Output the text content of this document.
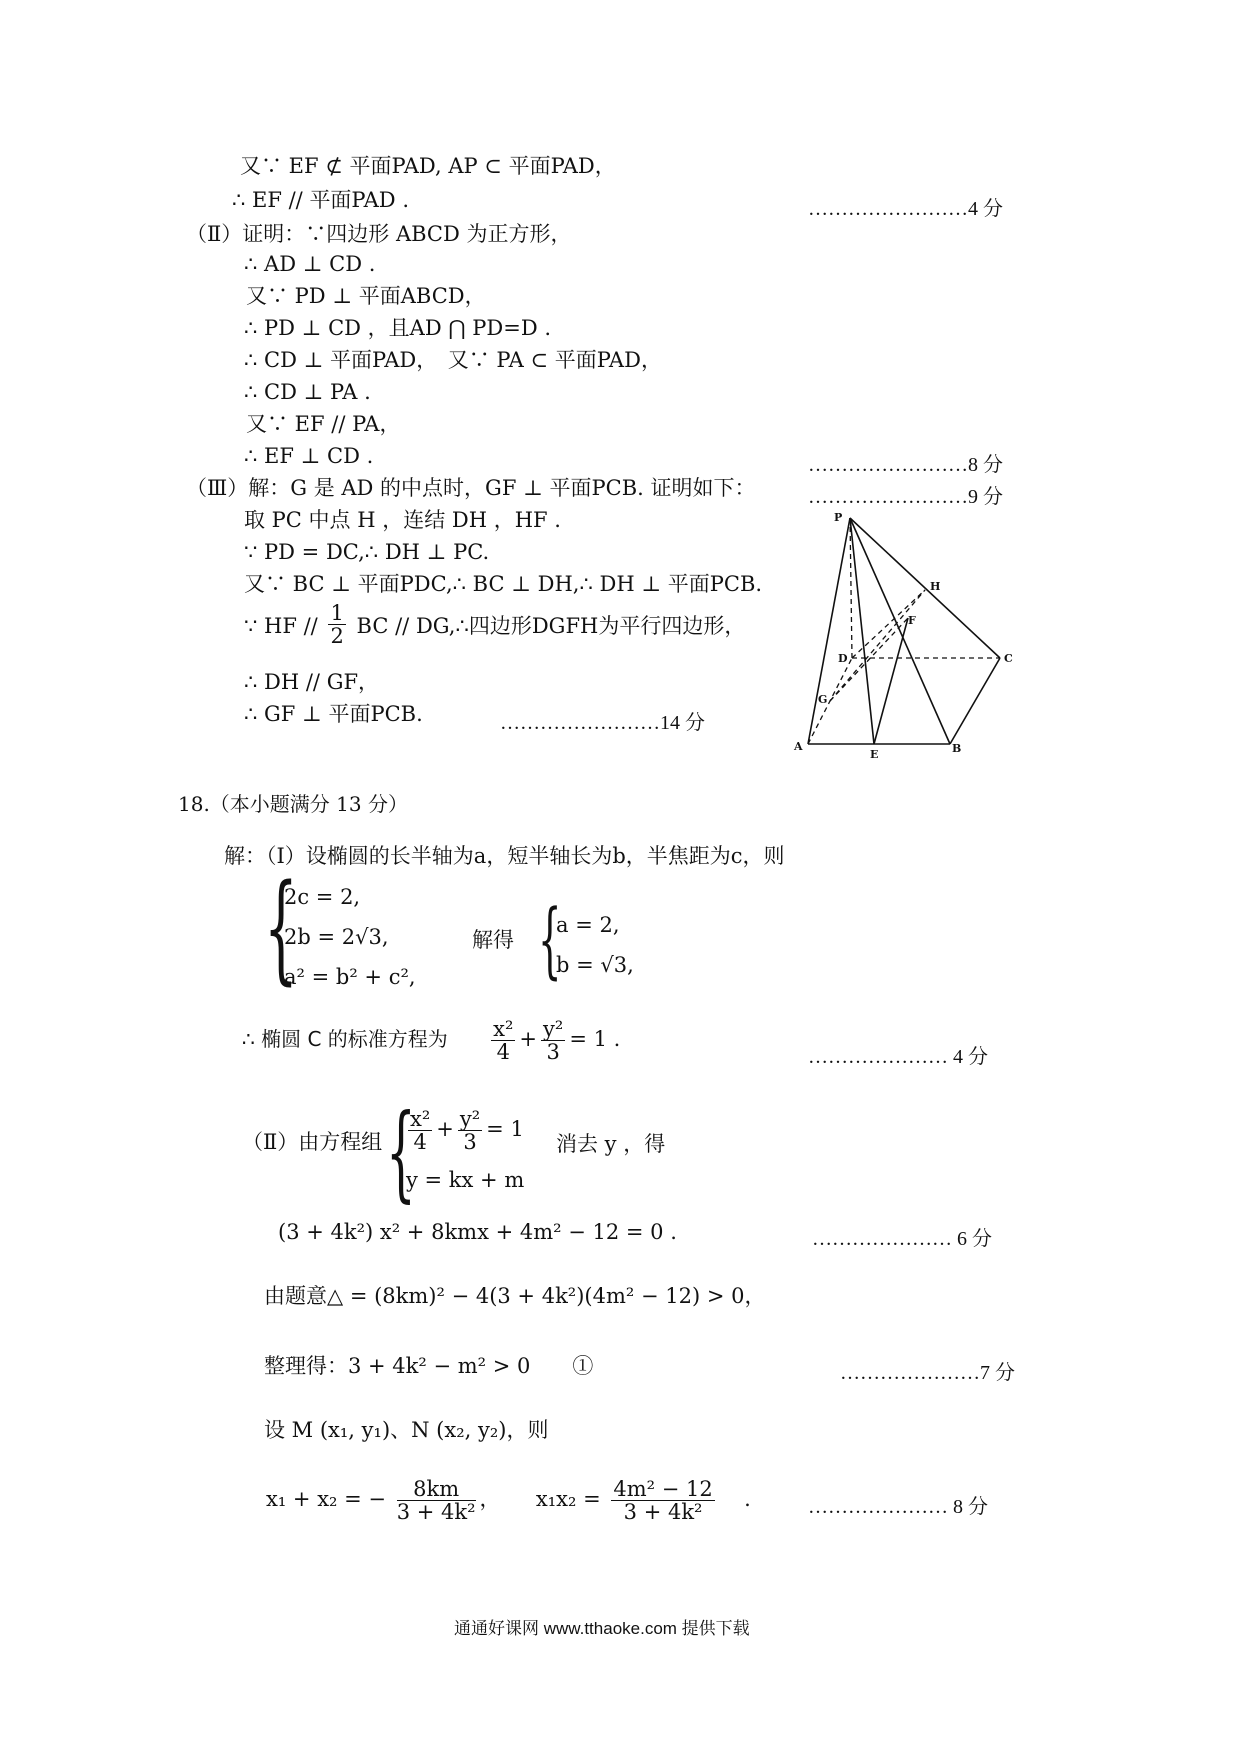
又∵ EF ⊄ 平面PAD, AP ⊂ 平面PAD，
∴ EF // 平面PAD .	……………………4 分
（Ⅱ）证明：∵四边形 ABCD 为正方形，
∴ AD ⊥ CD .
又∵ PD ⊥ 平面ABCD，
∴ PD ⊥ CD ，且AD ⋂ PD=D .
∴ CD ⊥ 平面PAD，　又∵ PA ⊂ 平面PAD，
∴ CD ⊥ PA .
又∵ EF // PA，
∴ EF ⊥ CD .	……………………8 分
（Ⅲ）解：G 是 AD 的中点时，GF ⊥ 平面PCB. 证明如下：	……………………9 分
取 PC 中点 H ，连结 DH ，HF .
∵ PD = DC,∴ DH ⊥ PC.
又∵ BC ⊥ 平面PDC,∴ BC ⊥ DH,∴ DH ⊥ 平面PCB.
∵ HF // $\frac{1}{2}$ BC // DG,∴四边形DGFH为平行四边形，
∴ DH // GF，
∴ GF ⊥ 平面PCB.	……………………14 分
P
H
F
D	C
G
A
E	B
18.（本小题满分 13 分）
解：（Ⅰ）设椭圆的长半轴为a，短半轴长为b，半焦距为c，则
{
2c = 2,
2b = 2√3,
a² = b² + c²,
解得 {
a = 2,
b = √3,
∴ 椭圆 C 的标准方程为 $\frac{\text{x²}}{4} + \frac{\text{y²}}{3} = 1$ .
………………… 4 分
（Ⅱ）由方程组 {
$\frac{\text{x²}}{4} + \frac{\text{y²}}{3} = 1$
y = kx + m
消去 y ，得
(3 + 4k²) x² + 8kmx + 4m² − 12 = 0 .	………………… 6 分
由题意△ = (8km)² − 4(3 + 4k²)(4m² − 12) > 0，
整理得：3 + 4k² − m² > 0　　①	…………………7 分
设 M (x₁, y₁)、N (x₂, y₂)，则
x₁ + x₂ = − $\frac{8km}{\text{3 + 4k²}}$ ，  $x_1x_2 = \frac{\text{4m² − 12}}{\text{3 + 4k²}}$ .	………………… 8 分
通通好课网 www.tthaoke.com 提供下载
